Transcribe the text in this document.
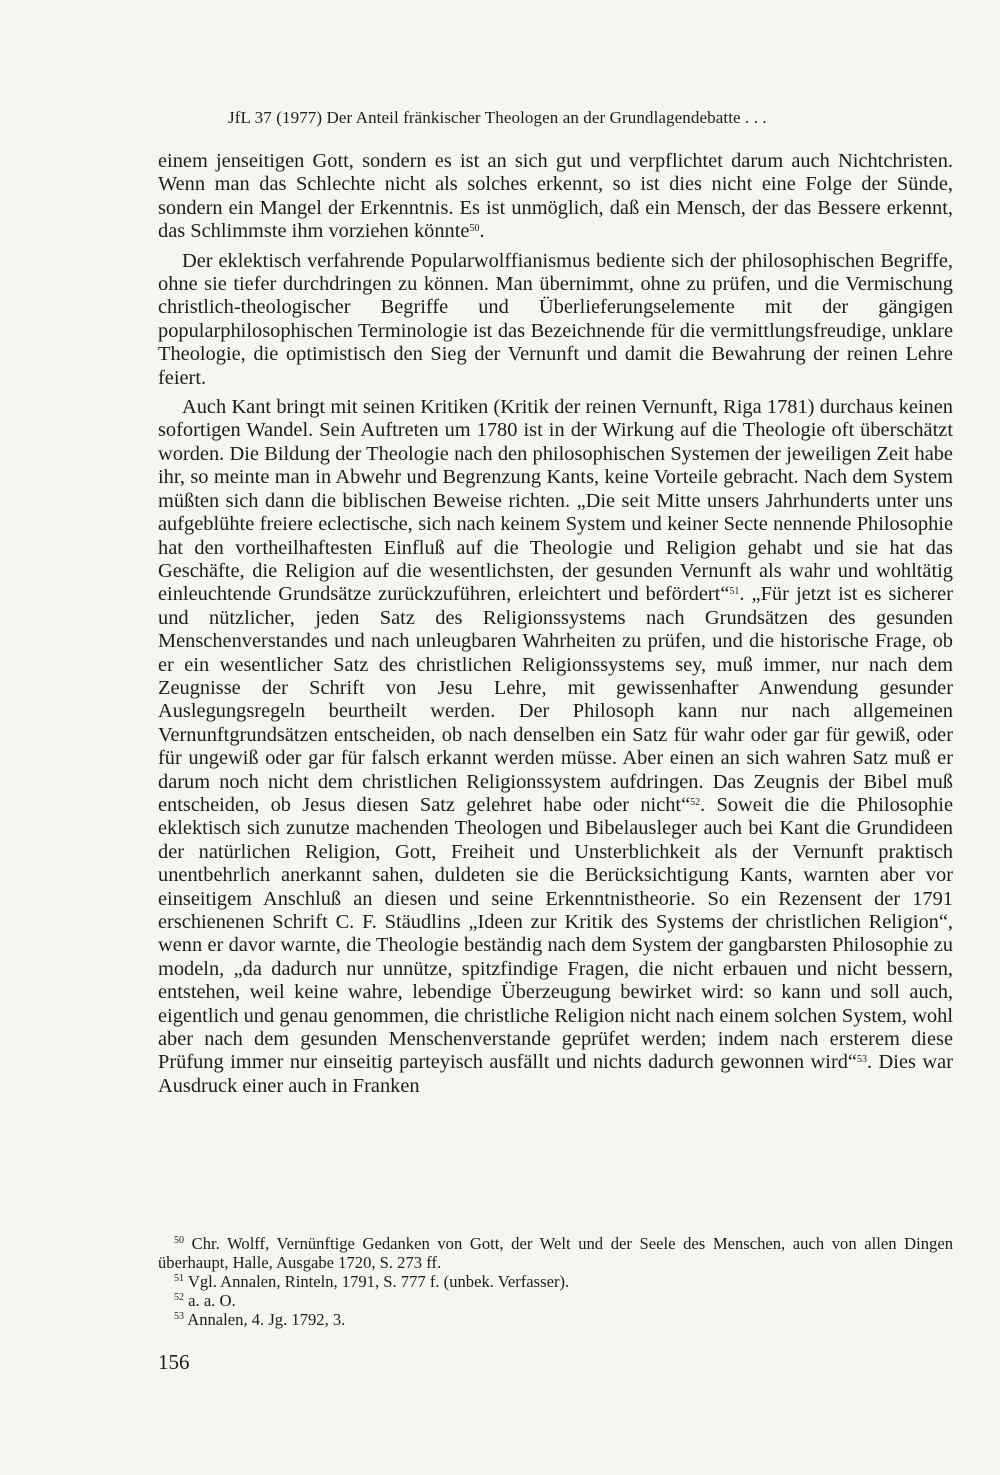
JfL 37 (1977) Der Anteil fränkischer Theologen an der Grundlagendebatte . . .

einem jenseitigen Gott, sondern es ist an sich gut und verpflichtet darum auch Nichtchristen. Wenn man das Schlechte nicht als solches erkennt, so ist dies nicht eine Folge der Sünde, sondern ein Mangel der Erkenntnis. Es ist unmöglich, daß ein Mensch, der das Bessere erkennt, das Schlimmste ihm vorziehen könnte$^{50}$.

Der eklektisch verfahrende Popularwolffianismus bediente sich der philosophischen Begriffe, ohne sie tiefer durchdringen zu können. Man übernimmt, ohne zu prüfen, und die Vermischung christlich-theologischer Begriffe und Überlieferungselemente mit der gängigen popularphilosophischen Terminologie ist das Bezeichnende für die vermittlungsfreudige, unklare Theologie, die optimistisch den Sieg der Vernunft und damit die Bewahrung der reinen Lehre feiert.

Auch Kant bringt mit seinen Kritiken (Kritik der reinen Vernunft, Riga 1781) durchaus keinen sofortigen Wandel. Sein Auftreten um 1780 ist in der Wirkung auf die Theologie oft überschätzt worden. Die Bildung der Theologie nach den philosophischen Systemen der jeweiligen Zeit habe ihr, so meinte man in Abwehr und Begrenzung Kants, keine Vorteile gebracht. Nach dem System müßten sich dann die biblischen Beweise richten. „Die seit Mitte unsers Jahrhunderts unter uns aufgeblühte freiere eclectische, sich nach keinem System und keiner Secte nennende Philosophie hat den vortheilhaftesten Einfluß auf die Theologie und Religion gehabt und sie hat das Geschäfte, die Religion auf die wesentlichsten, der gesunden Vernunft als wahr und wohltätig einleuchtende Grundsätze zurückzuführen, erleichtert und befördert“$^{51}$. „Für jetzt ist es sicherer und nützlicher, jeden Satz des Religionssystems nach Grundsätzen des gesunden Menschenverstandes und nach unleugbaren Wahrheiten zu prüfen, und die historische Frage, ob er ein wesentlicher Satz des christlichen Religionssystems sey, muß immer, nur nach dem Zeugnisse der Schrift von Jesu Lehre, mit gewissenhafter Anwendung gesunder Auslegungsregeln beurtheilt werden. Der Philosoph kann nur nach allgemeinen Vernunftgrundsätzen entscheiden, ob nach denselben ein Satz für wahr oder gar für gewiß, oder für ungewiß oder gar für falsch erkannt werden müsse. Aber einen an sich wahren Satz muß er darum noch nicht dem christlichen Religionssystem aufdringen. Das Zeugnis der Bibel muß entscheiden, ob Jesus diesen Satz gelehret habe oder nicht“$^{52}$. Soweit die die Philosophie eklektisch sich zunutze machenden Theologen und Bibelausleger auch bei Kant die Grundideen der natürlichen Religion, Gott, Freiheit und Unsterblichkeit als der Vernunft praktisch unentbehrlich anerkannt sahen, duldeten sie die Berücksichtigung Kants, warnten aber vor einseitigem Anschluß an diesen und seine Erkenntnistheorie. So ein Rezensent der 1791 erschienenen Schrift C. F. Stäudlins „Ideen zur Kritik des Systems der christlichen Religion“, wenn er davor warnte, die Theologie beständig nach dem System der gangbarsten Philosophie zu modeln, „da dadurch nur unnütze, spitzfindige Fragen, die nicht erbauen und nicht bessern, entstehen, weil keine wahre, lebendige Überzeugung bewirket wird: so kann und soll auch, eigentlich und genau genommen, die christliche Religion nicht nach einem solchen System, wohl aber nach dem gesunden Menschenverstande geprüfet werden; indem nach ersterem diese Prüfung immer nur einseitig parteyisch ausfällt und nichts dadurch gewonnen wird“$^{53}$. Dies war Ausdruck einer auch in Franken

$^{50}$ Chr. Wolff, Vernünftige Gedanken von Gott, der Welt und der Seele des Menschen, auch von allen Dingen überhaupt, Halle, Ausgabe 1720, S. 273 ff.

$^{51}$ Vgl. Annalen, Rinteln, 1791, S. 777 f. (unbek. Verfasser).

$^{52}$ a. a. O.

$^{53}$ Annalen, 4. Jg. 1792, 3.

156
